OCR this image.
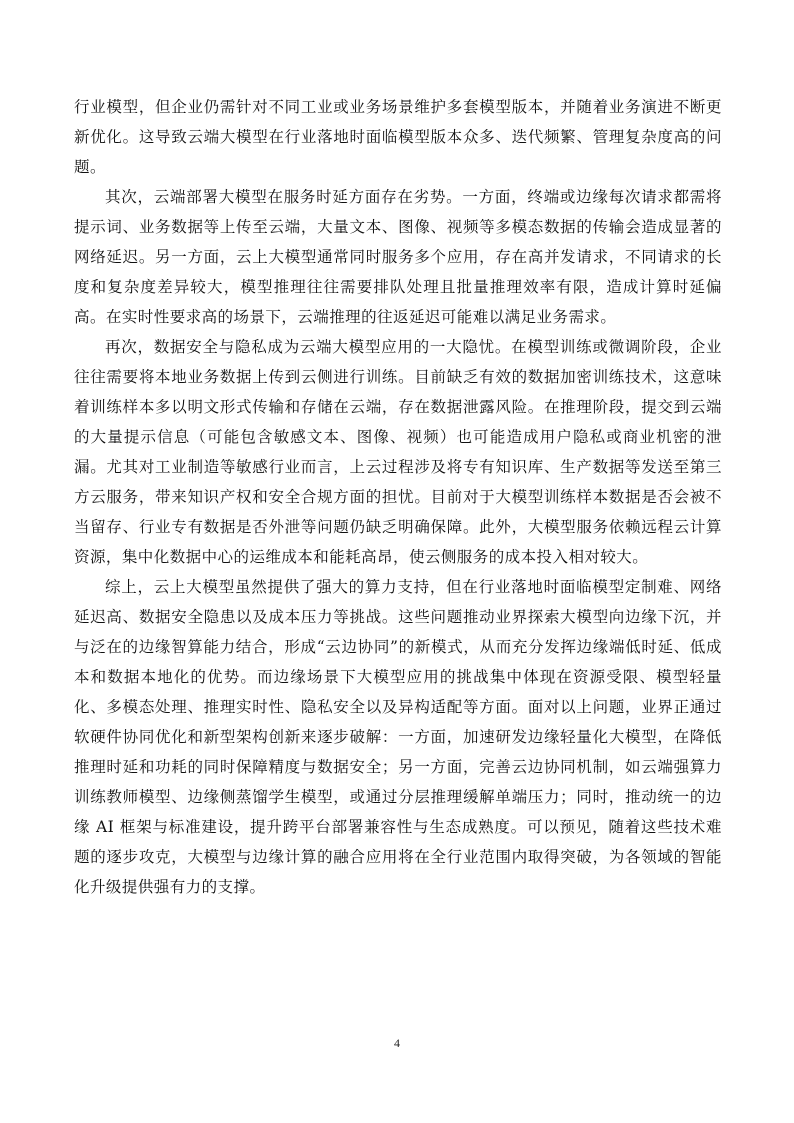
行业模型，但企业仍需针对不同工业或业务场景维护多套模型版本，并随着业务演进不断更新优化。这导致云端大模型在行业落地时面临模型版本众多、迭代频繁、管理复杂度高的问题。

其次，云端部署大模型在服务时延方面存在劣势。一方面，终端或边缘每次请求都需将提示词、业务数据等上传至云端，大量文本、图像、视频等多模态数据的传输会造成显著的网络延迟。另一方面，云上大模型通常同时服务多个应用，存在高并发请求，不同请求的长度和复杂度差异较大，模型推理往往需要排队处理且批量推理效率有限，造成计算时延偏高。在实时性要求高的场景下，云端推理的往返延迟可能难以满足业务需求。

再次，数据安全与隐私成为云端大模型应用的一大隐忧。在模型训练或微调阶段，企业往往需要将本地业务数据上传到云侧进行训练。目前缺乏有效的数据加密训练技术，这意味着训练样本多以明文形式传输和存储在云端，存在数据泄露风险。在推理阶段，提交到云端的大量提示信息（可能包含敏感文本、图像、视频）也可能造成用户隐私或商业机密的泄漏。尤其对工业制造等敏感行业而言，上云过程涉及将专有知识库、生产数据等发送至第三方云服务，带来知识产权和安全合规方面的担忧。目前对于大模型训练样本数据是否会被不当留存、行业专有数据是否外泄等问题仍缺乏明确保障。此外，大模型服务依赖远程云计算资源，集中化数据中心的运维成本和能耗高昂，使云侧服务的成本投入相对较大。

综上，云上大模型虽然提供了强大的算力支持，但在行业落地时面临模型定制难、网络延迟高、数据安全隐患以及成本压力等挑战。这些问题推动业界探索大模型向边缘下沉，并与泛在的边缘智算能力结合，形成“云边协同”的新模式，从而充分发挥边缘端低时延、低成本和数据本地化的优势。而边缘场景下大模型应用的挑战集中体现在资源受限、模型轻量化、多模态处理、推理实时性、隐私安全以及异构适配等方面。面对以上问题，业界正通过软硬件协同优化和新型架构创新来逐步破解：一方面，加速研发边缘轻量化大模型，在降低推理时延和功耗的同时保障精度与数据安全；另一方面，完善云边协同机制，如云端强算力训练教师模型、边缘侧蒸馏学生模型，或通过分层推理缓解单端压力；同时，推动统一的边缘 AI 框架与标准建设，提升跨平台部署兼容性与生态成熟度。可以预见，随着这些技术难题的逐步攻克，大模型与边缘计算的融合应用将在全行业范围内取得突破，为各领域的智能化升级提供强有力的支撑。

4
